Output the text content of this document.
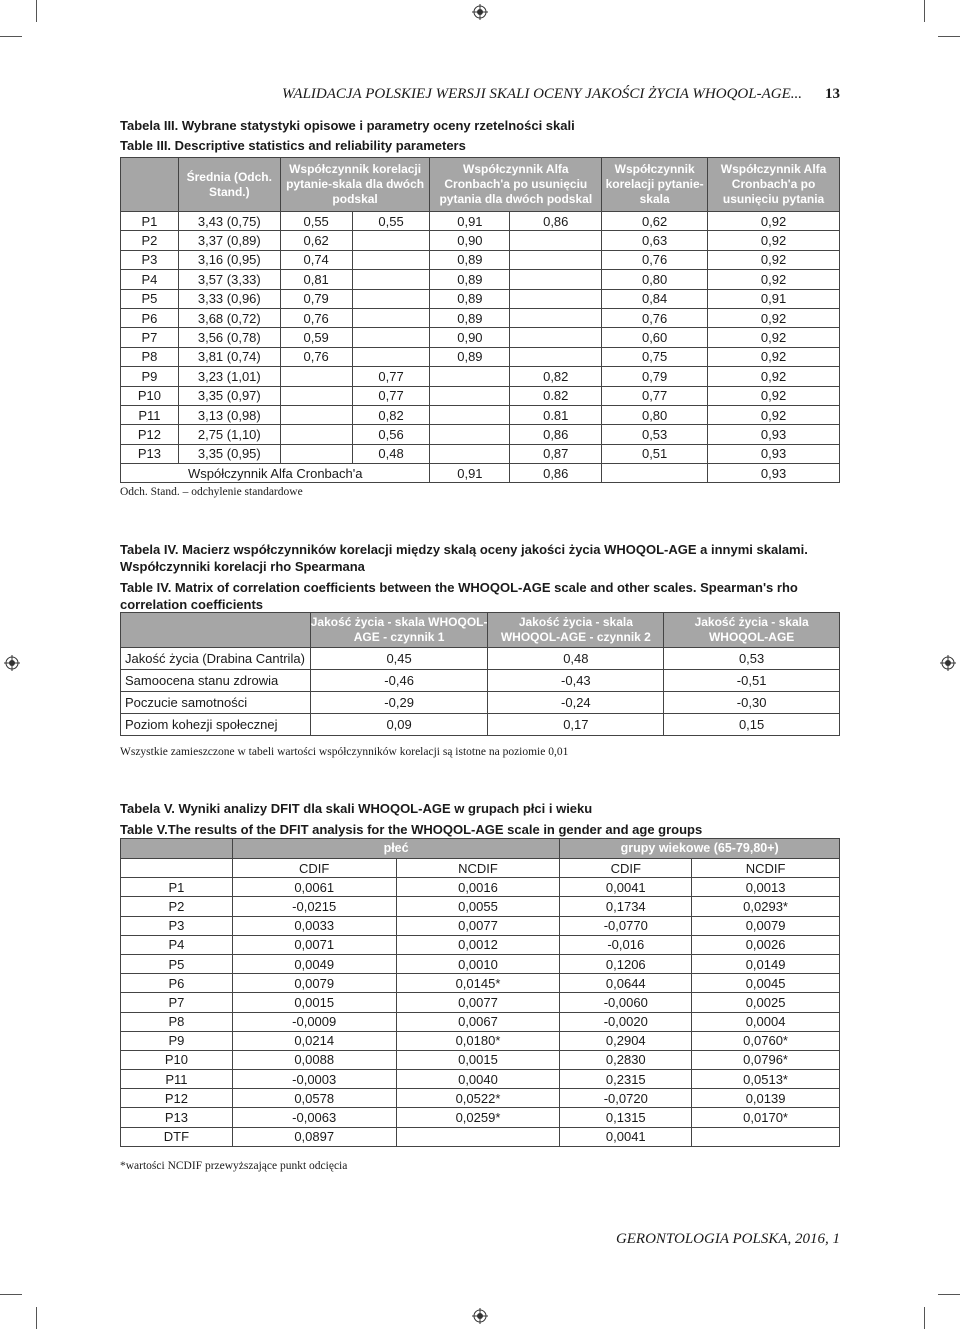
WALIDACJA POLSKIEJ WERSJI SKALI OCENY JAKOŚCI ŻYCIA WHOQOL-AGE...	13
Tabela III. Wybrane statystyki opisowe i parametry oceny rzetelności skali
Table III. Descriptive statistics and reliability parameters
	Średnia (Odch. Stand.)	Współczynnik korelacji pytanie-skala dla dwóch podskal		Współczynnik Alfa Cronbach'a po usunięciu pytania dla dwóch podskal		Współczynnik korelacji pytanie-skala	Współczynnik Alfa Cronbach'a po usunięciu pytania
P1	3,43 (0,75)	0,55	0,55	0,91	0,86	0,62	0,92
P2	3,37 (0,89)	0,62		0,90		0,63	0,92
P3	3,16 (0,95)	0,74		0,89		0,76	0,92
P4	3,57 (3,33)	0,81		0,89		0,80	0,92
P5	3,33 (0,96)	0,79		0,89		0,84	0,91
P6	3,68 (0,72)	0,76		0,89		0,76	0,92
P7	3,56 (0,78)	0,59		0,90		0,60	0,92
P8	3,81 (0,74)	0,76		0,89		0,75	0,92
P9	3,23 (1,01)		0,77		0,82	0,79	0,92
P10	3,35 (0,97)		0,77		0.82	0,77	0,92
P11	3,13 (0,98)		0,82		0.81	0,80	0,92
P12	2,75 (1,10)		0,56		0,86	0,53	0,93
P13	3,35 (0,95)		0,48		0,87	0,51	0,93
Współczynnik Alfa Cronbach'a				0,91	0,86		0,93
Odch. Stand. – odchylenie standardowe
Tabela IV. Macierz współczynników korelacji między skalą oceny jakości życia WHOQOL-AGE a innymi skalami. Współczynniki korelacji rho Spearmana
Table IV. Matrix of correlation coefficients between the WHOQOL-AGE scale and other scales. Spearman's rho correlation coefficients
	Jakość życia - skala WHOQOL-AGE - czynnik 1	Jakość życia - skala WHOQOL-AGE - czynnik 2	Jakość życia - skala WHOQOL-AGE
Jakość życia (Drabina Cantrila)	0,45	0,48	0,53
Samoocena stanu zdrowia	-0,46	-0,43	-0,51
Poczucie samotności	-0,29	-0,24	-0,30
Poziom kohezji społecznej	0,09	0,17	0,15
Wszystkie zamieszczone w tabeli wartości współczynników korelacji są istotne na poziomie 0,01
Tabela V. Wyniki analizy DFIT dla skali WHOQOL-AGE w grupach płci i wieku
Table V.The results of the DFIT analysis for the WHOQOL-AGE scale in gender and age groups
	płeć		grupy wiekowe (65-79,80+)	
	CDIF	NCDIF	CDIF	NCDIF
P1	0,0061	0,0016	0,0041	0,0013
P2	-0,0215	0,0055	0,1734	0,0293*
P3	0,0033	0,0077	-0,0770	0,0079
P4	0,0071	0,0012	-0,016	0,0026
P5	0,0049	0,0010	0,1206	0,0149
P6	0,0079	0,0145*	0,0644	0,0045
P7	0,0015	0,0077	-0,0060	0,0025
P8	-0,0009	0,0067	-0,0020	0,0004
P9	0,0214	0,0180*	0,2904	0,0760*
P10	0,0088	0,0015	0,2830	0,0796*
P11	-0,0003	0,0040	0,2315	0,0513*
P12	0,0578	0,0522*	-0,0720	0,0139
P13	-0,0063	0,0259*	0,1315	0,0170*
DTF	0,0897		0,0041	
*wartości NCDIF przewyższające punkt odcięcia
GERONTOLOGIA POLSKA, 2016, 1
